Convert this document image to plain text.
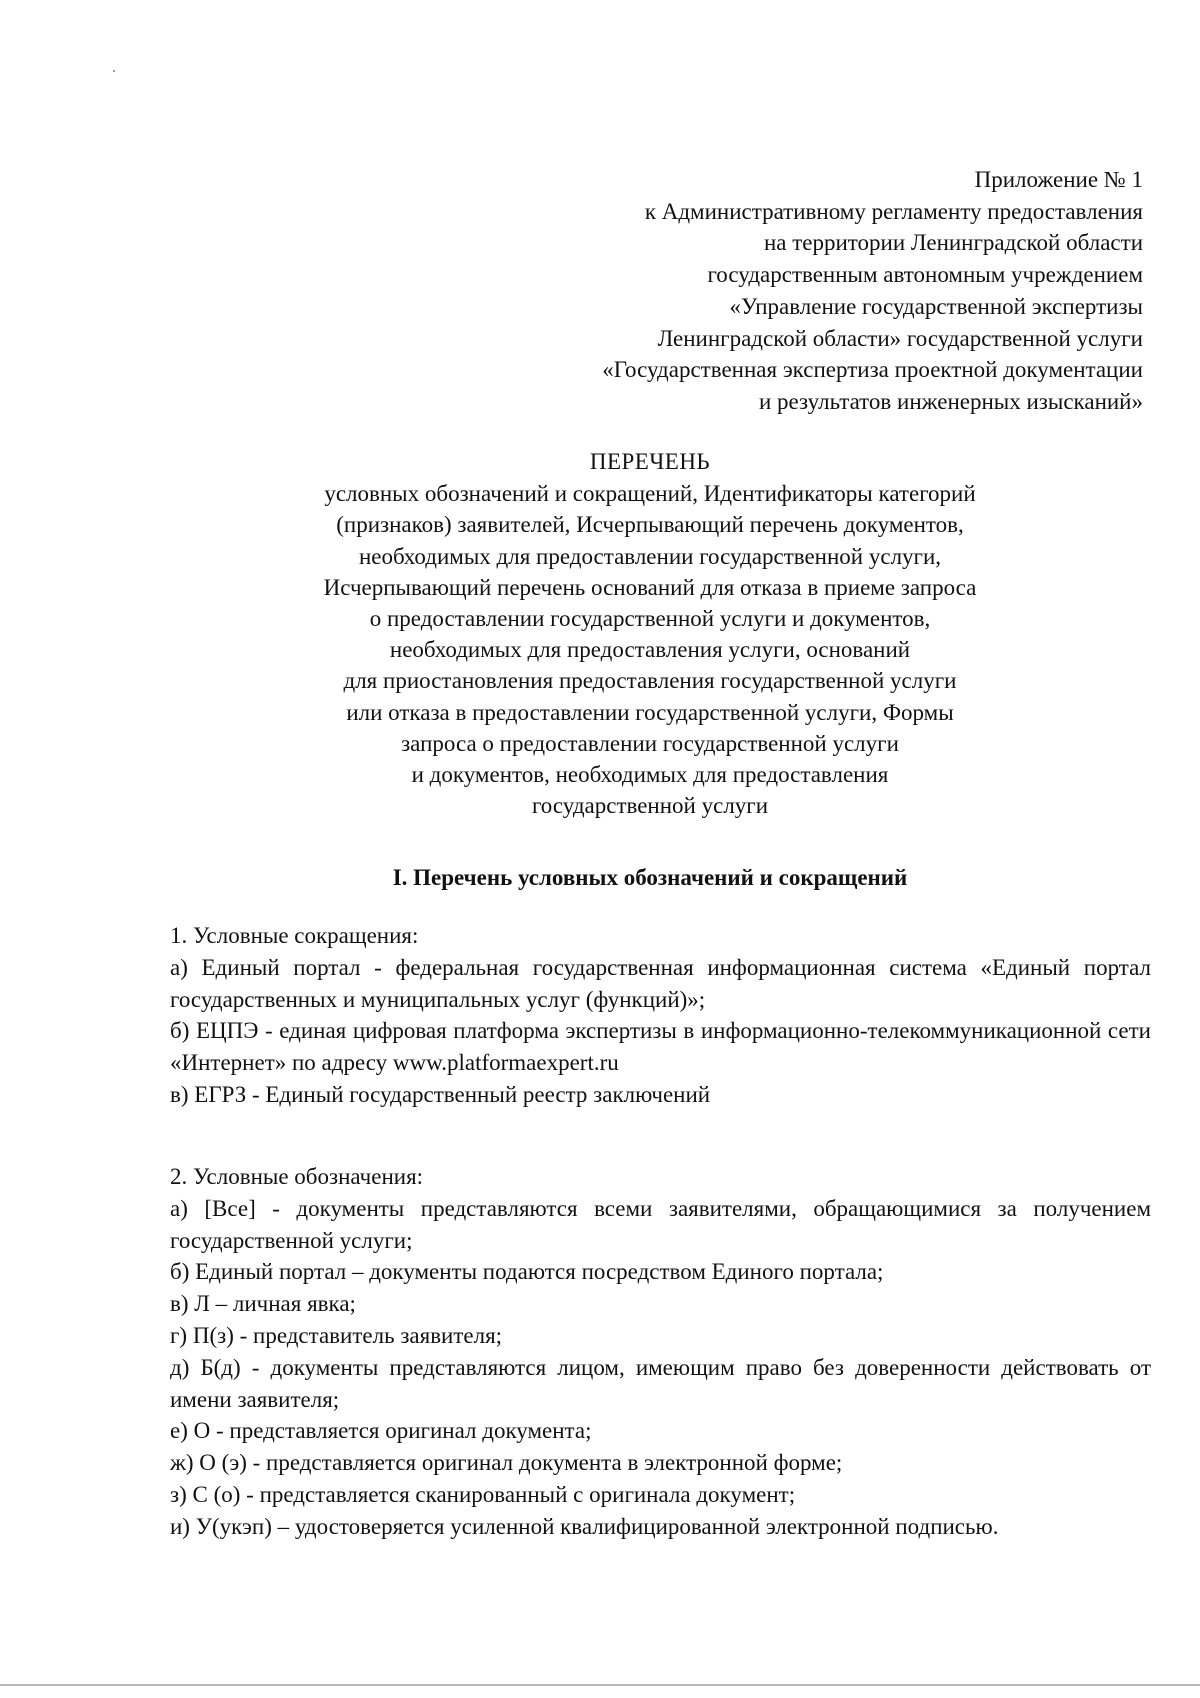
Приложение № 1
к Административному регламенту предоставления
на территории Ленинградской области
государственным автономным учреждением
«Управление государственной экспертизы
Ленинградской области» государственной услуги
«Государственная экспертиза проектной документации
и результатов инженерных изысканий»
ПЕРЕЧЕНЬ
условных обозначений и сокращений, Идентификаторы категорий
(признаков) заявителей, Исчерпывающий перечень документов,
необходимых для предоставлении государственной услуги,
Исчерпывающий перечень оснований для отказа в приеме запроса
о предоставлении государственной услуги и документов,
необходимых для предоставления услуги, оснований
для приостановления предоставления государственной услуги
или отказа в предоставлении государственной услуги, Формы
запроса о предоставлении государственной услуги
и документов, необходимых для предоставления
государственной услуги
I. Перечень условных обозначений и сокращений

1. Условные сокращения:

а) Единый портал - федеральная государственная информационная система «Единый портал государственных и муниципальных услуг (функций)»;

б) ЕЦПЭ - единая цифровая платформа экспертизы в информационно-телекоммуникационной сети «Интернет» по адресу www.platformaexpert.ru

в) ЕГРЗ - Единый государственный реестр заключений

2. Условные обозначения:

а) [Все] - документы представляются всеми заявителями, обращающимися за получением государственной услуги;

б) Единый портал – документы подаются посредством Единого портала;

в) Л – личная явка;

г) П(з) - представитель заявителя;

д) Б(д) - документы представляются лицом, имеющим право без доверенности действовать от имени заявителя;

е) О - представляется оригинал документа;

ж) О (э) - представляется оригинал документа в электронной форме;

з) С (о) - представляется сканированный с оригинала документ;

и) У(укэп) – удостоверяется усиленной квалифицированной электронной подписью.
